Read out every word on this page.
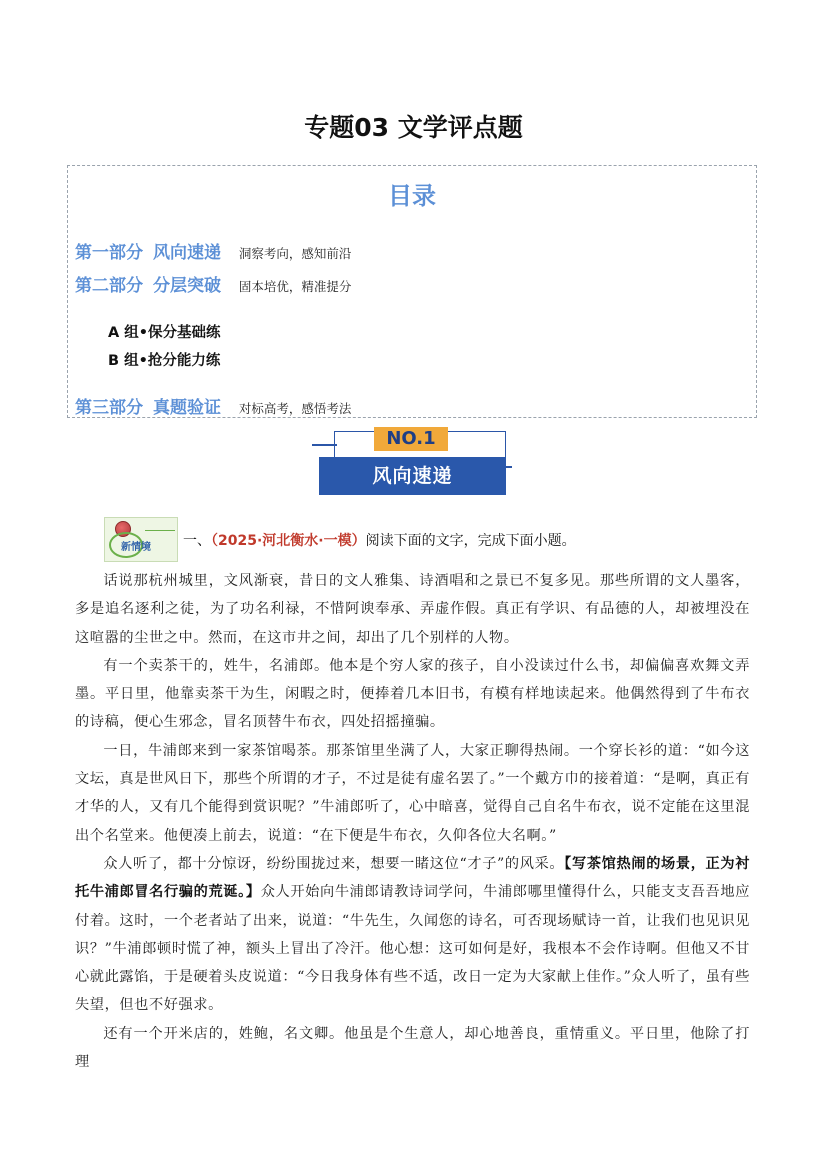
专题03 文学评点题
目录
第一部分 风向速递 洞察考向，感知前沿
第二部分 分层突破 固本培优，精准提分
A 组•保分基础练
B 组•抢分能力练
第三部分 真题验证 对标高考，感悟考法
NO.1
风向速递
新情境 一、（2025·河北衡水·一模）阅读下面的文字，完成下面小题。

话说那杭州城里，文风渐衰，昔日的文人雅集、诗酒唱和之景已不复多见。那些所谓的文人墨客，多是追名逐利之徒，为了功名利禄，不惜阿谀奉承、弄虚作假。真正有学识、有品德的人，却被埋没在这喧嚣的尘世之中。然而，在这市井之间，却出了几个别样的人物。

有一个卖茶干的，姓牛，名浦郎。他本是个穷人家的孩子，自小没读过什么书，却偏偏喜欢舞文弄墨。平日里，他靠卖茶干为生，闲暇之时，便捧着几本旧书，有模有样地读起来。他偶然得到了牛布衣的诗稿，便心生邪念，冒名顶替牛布衣，四处招摇撞骗。

一日，牛浦郎来到一家茶馆喝茶。那茶馆里坐满了人，大家正聊得热闹。一个穿长衫的道：“如今这文坛，真是世风日下，那些个所谓的才子，不过是徒有虚名罢了。”一个戴方巾的接着道：“是啊，真正有才华的人，又有几个能得到赏识呢？”牛浦郎听了，心中暗喜，觉得自己自名牛布衣，说不定能在这里混出个名堂来。他便凑上前去，说道：“在下便是牛布衣，久仰各位大名啊。”

众人听了，都十分惊讶，纷纷围拢过来，想要一睹这位“才子”的风采。【写茶馆热闹的场景，正为衬托牛浦郎冒名行骗的荒诞。】众人开始向牛浦郎请教诗词学问，牛浦郎哪里懂得什么，只能支支吾吾地应付着。这时，一个老者站了出来，说道：“牛先生，久闻您的诗名，可否现场赋诗一首，让我们也见识见识？”牛浦郎顿时慌了神，额头上冒出了冷汗。他心想：这可如何是好，我根本不会作诗啊。但他又不甘心就此露馅，于是硬着头皮说道：“今日我身体有些不适，改日一定为大家献上佳作。”众人听了，虽有些失望，但也不好强求。

还有一个开米店的，姓鲍，名文卿。他虽是个生意人，却心地善良，重情重义。平日里，他除了打理
